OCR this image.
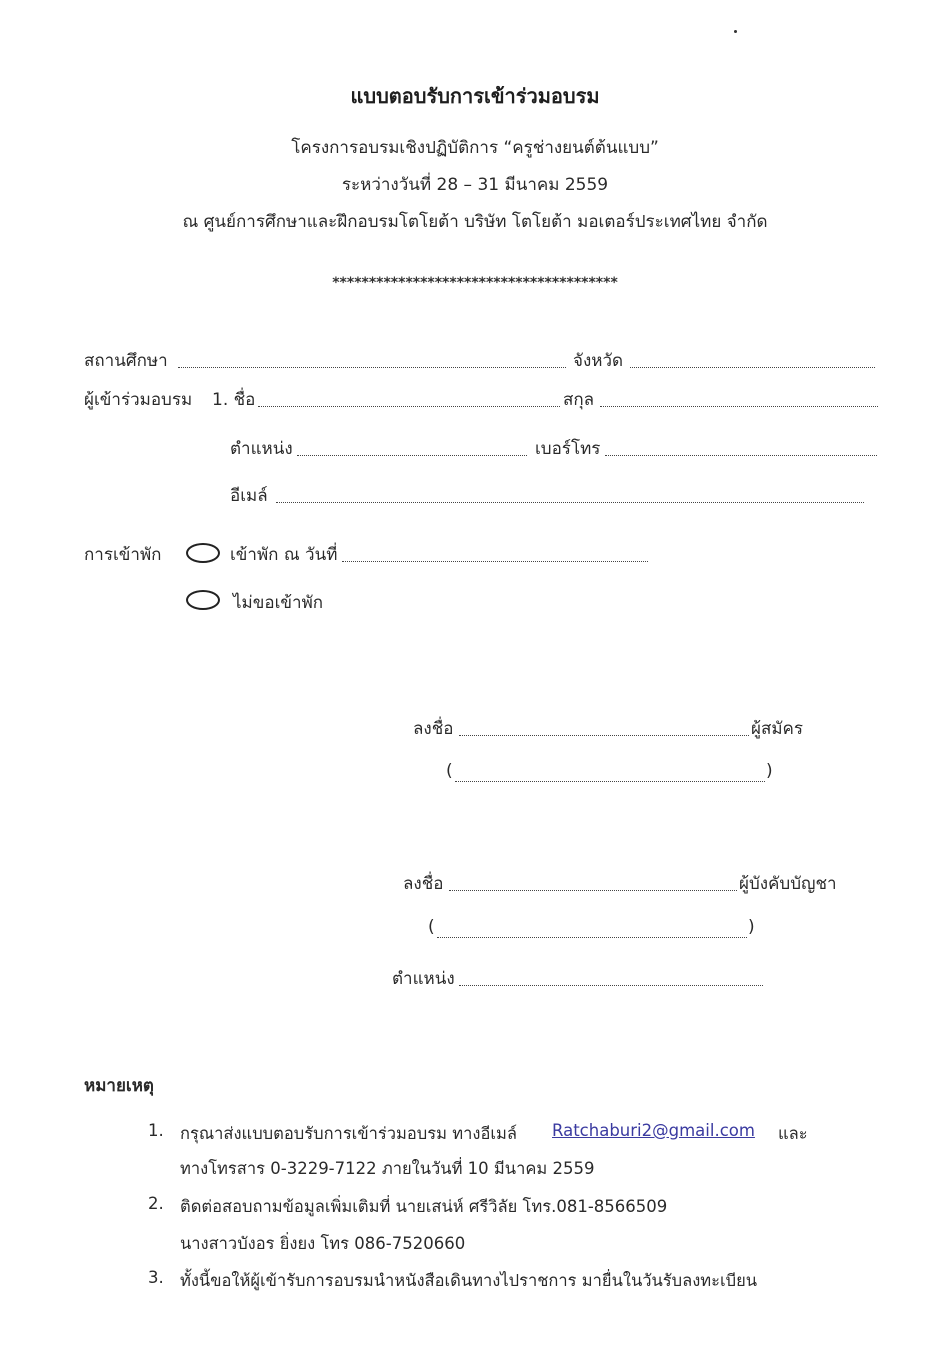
แบบตอบรับการเข้าร่วมอบรม
โครงการอบรมเชิงปฏิบัติการ “ครูช่างยนต์ต้นแบบ”
ระหว่างวันที่ 28 – 31 มีนาคม 2559
ณ ศูนย์การศึกษาและฝึกอบรมโตโยต้า บริษัท โตโยต้า มอเตอร์ประเทศไทย จำกัด
***************************************
สถานศึกษา	จังหวัด
ผู้เข้าร่วมอบรม 1. ชื่อ	สกุล
ตำแหน่ง	เบอร์โทร
อีเมล์
การเข้าพัก	เข้าพัก ณ วันที่
ไม่ขอเข้าพัก
ลงชื่อ	ผู้สมัคร
(	)
ลงชื่อ	ผู้บังคับบัญชา
(	)
ตำแหน่ง
หมายเหตุ
1. กรุณาส่งแบบตอบรับการเข้าร่วมอบรม ทางอีเมล์ Ratchaburi2@gmail.com และ
ทางโทรสาร 0-3229-7122 ภายในวันที่ 10 มีนาคม 2559
2. ติดต่อสอบถามข้อมูลเพิ่มเติมที่ นายเสน่ห์ ศรีวิลัย โทร.081-8566509
นางสาวบังอร ยิ่งยง โทร 086-7520660
3. ทั้งนี้ขอให้ผู้เข้ารับการอบรมนำหนังสือเดินทางไปราชการ มายื่นในวันรับลงทะเบียน
